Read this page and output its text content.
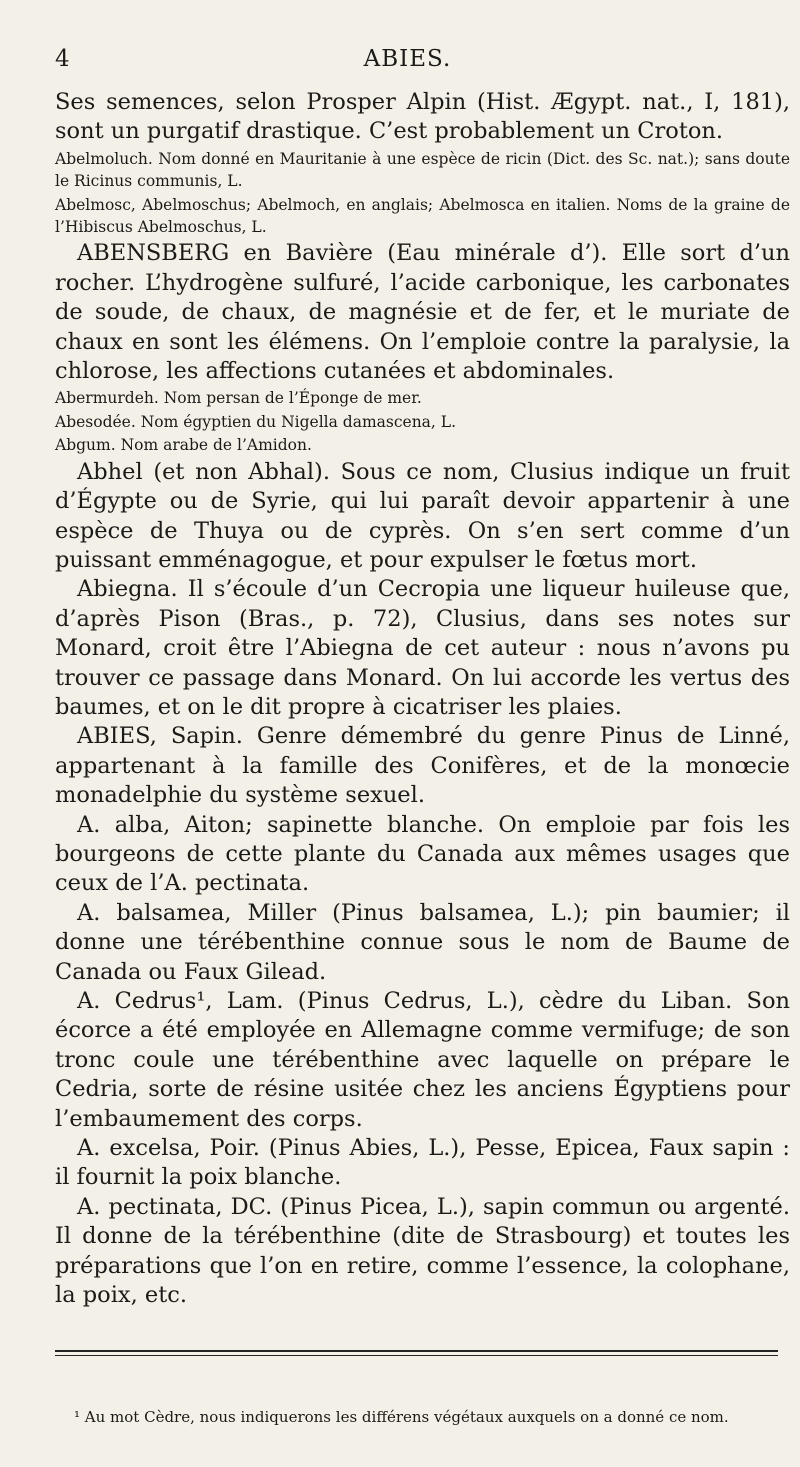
4	ABIES.

Ses semences, selon Prosper Alpin (Hist. Ægypt. nat., I, 181), sont un purgatif drastique. C’est probablement un Croton.

Abelmoluch. Nom donné en Mauritanie à une espèce de ricin (Dict. des Sc. nat.); sans doute le Ricinus communis, L.

Abelmosc, Abelmoschus; Abelmoch, en anglais; Abelmosca en italien. Noms de la graine de l’Hibiscus Abelmoschus, L.

ABENSBERG en Bavière (Eau minérale d’). Elle sort d’un rocher. L’hydrogène sulfuré, l’acide carbonique, les carbonates de soude, de chaux, de magnésie et de fer, et le muriate de chaux en sont les élémens. On l’emploie contre la paralysie, la chlorose, les affections cutanées et abdominales.

Abermurdeh. Nom persan de l’Éponge de mer.

Abesodée. Nom égyptien du Nigella damascena, L.

Abgum. Nom arabe de l’Amidon.

Abhel (et non Abhal). Sous ce nom, Clusius indique un fruit d’Égypte ou de Syrie, qui lui paraît devoir appartenir à une espèce de Thuya ou de cyprès. On s’en sert comme d’un puissant emménagogue, et pour expulser le fœtus mort.

Abiegna. Il s’écoule d’un Cecropia une liqueur huileuse que, d’après Pison (Bras., p. 72), Clusius, dans ses notes sur Monard, croit être l’Abiegna de cet auteur : nous n’avons pu trouver ce passage dans Monard. On lui accorde les vertus des baumes, et on le dit propre à cicatriser les plaies.

ABIES, Sapin. Genre démembré du genre Pinus de Linné, appartenant à la famille des Conifères, et de la monœcie monadelphie du système sexuel.

A. alba, Aiton; sapinette blanche. On emploie par fois les bourgeons de cette plante du Canada aux mêmes usages que ceux de l’A. pectinata.

A. balsamea, Miller (Pinus balsamea, L.); pin baumier; il donne une térébenthine connue sous le nom de Baume de Canada ou Faux Gilead.

A. Cedrus¹, Lam. (Pinus Cedrus, L.), cèdre du Liban. Son écorce a été employée en Allemagne comme vermifuge; de son tronc coule une térébenthine avec laquelle on prépare le Cedria, sorte de résine usitée chez les anciens Égyptiens pour l’embaumement des corps.

A. excelsa, Poir. (Pinus Abies, L.), Pesse, Epicea, Faux sapin : il fournit la poix blanche.

A. pectinata, DC. (Pinus Picea, L.), sapin commun ou argenté. Il donne de la térébenthine (dite de Strasbourg) et toutes les préparations que l’on en retire, comme l’essence, la colophane, la poix, etc.

¹ Au mot Cèdre, nous indiquerons les différens végétaux auxquels on a donné ce nom.
